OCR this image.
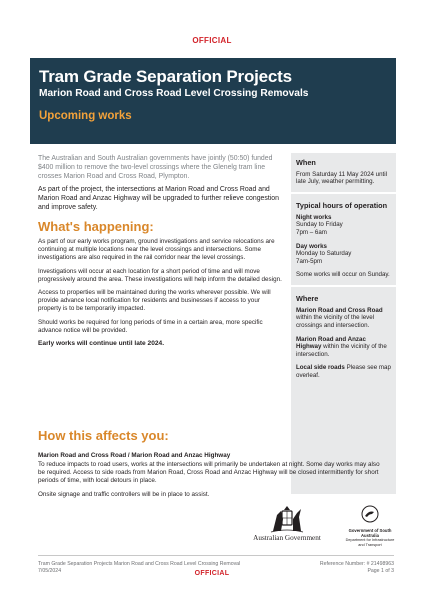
OFFICIAL
Tram Grade Separation Projects
Marion Road and Cross Road Level Crossing Removals
Upcoming works

The Australian and South Australian governments have jointly (50:50) funded $400 million to remove the two-level crossings where the Glenelg tram line crosses Marion Road and Cross Road, Plympton.

As part of the project, the intersections at Marion Road and Cross Road and Marion Road and Anzac Highway will be upgraded to further relieve congestion and improve safety.

What's happening:

As part of our early works program, ground investigations and service relocations are continuing at multiple locations near the level crossings and intersections. Some investigations are also required in the rail corridor near the level crossings.

Investigations will occur at each location for a short period of time and will move progressively around the area. These investigations will help inform the detailed design.

Access to properties will be maintained during the works wherever possible. We will provide advance local notification for residents and businesses if access to your property is to be temporarily impacted.

Should works be required for long periods of time in a certain area, more specific advance notice will be provided.

Early works will continue until late 2024.

When
From Saturday 11 May 2024 until late July, weather permitting.
Typical hours of operation
Night works
Sunday to Friday
7pm – 6am
Day works
Monday to Saturday
7am-5pm
Some works will occur on Sunday.
Where
Marion Road and Cross Road within the vicinity of the level crossings and intersection.
Marion Road and Anzac Highway within the vicinity of the intersection.
Local side roads Please see map overleaf.
How this affects you:
Marion Road and Cross Road / Marion Road and Anzac Highway

To reduce impacts to road users, works at the intersections will primarily be undertaken at night. Some day works may also be required. Access to side roads from Marion Road, Cross Road and Anzac Highway will be closed intermittently for short periods of time, with local detours in place.

Onsite signage and traffic controllers will be in place to assist.

Australian Government
Government of South Australia
Department for Infrastructure and Transport
Tram Grade Separation Projects Marion Road and Cross Road Level Crossing Removal
7/05/2024
Reference Number: # 21498963
Page 1 of 3
OFFICIAL
